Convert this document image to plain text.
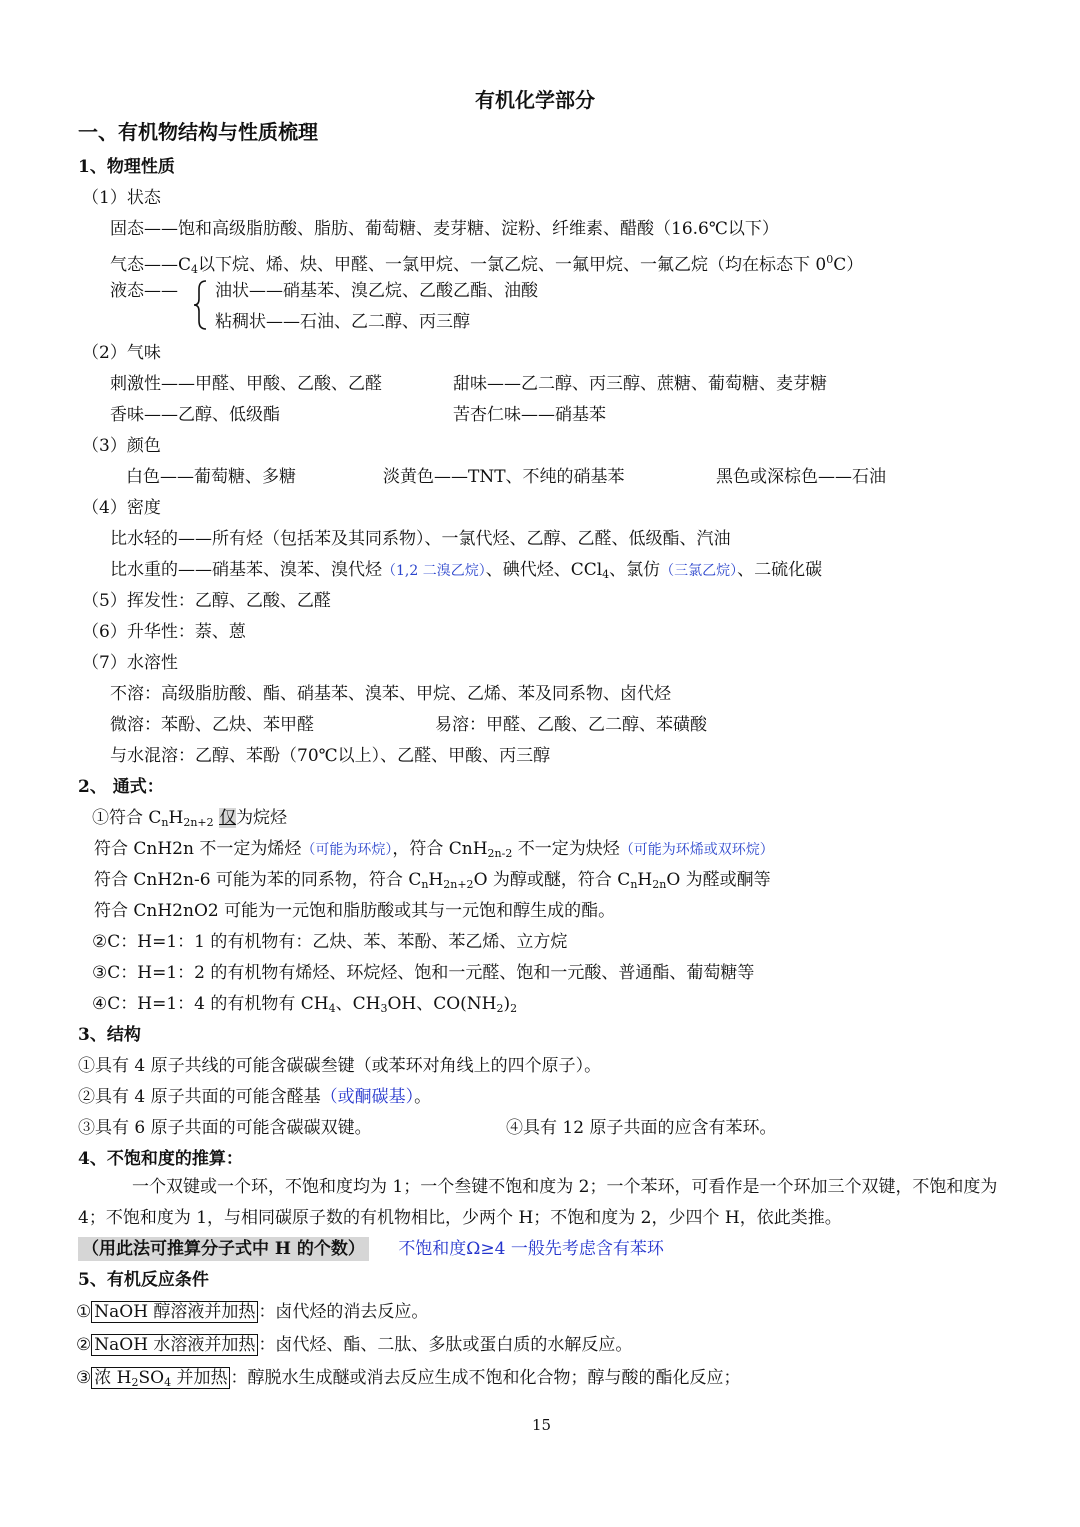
有机化学部分
一、有机物结构与性质梳理
1、物理性质
（1）状态
固态——饱和高级脂肪酸、脂肪、葡萄糖、麦芽糖、淀粉、纤维素、醋酸（16.6℃以下）
气态$——C_4$以下烷、烯、炔、甲醛、一氯甲烷、一氯乙烷、一氟甲烷、一氟乙烷（均在标态下 $0^0C$）
液态—— 油状——硝基苯、溴乙烷、乙酸乙酯、油酸
粘稠状——石油、乙二醇、丙三醇
（2）气味
刺激性——甲醛、甲酸、乙酸、乙醛	甜味——乙二醇、丙三醇、蔗糖、葡萄糖、麦芽糖
香味——乙醇、低级酯	苦杏仁味——硝基苯
（3）颜色
白色——葡萄糖、多糖	淡黄色——TNT、不纯的硝基苯	黑色或深棕色——石油
（4）密度
比水轻的——所有烃（包括苯及其同系物）、一氯代烃、乙醇、乙醛、低级酯、汽油
比水重的——硝基苯、溴苯、溴代烃（1,2 二溴乙烷）、碘代烃、CCl$_4$、氯仿（三氯乙烷）、二硫化碳
（5）挥发性：乙醇、乙酸、乙醛
（6）升华性：萘、蒽
（7）水溶性
不溶：高级脂肪酸、酯、硝基苯、溴苯、甲烷、乙烯、苯及同系物、卤代烃
微溶：苯酚、乙炔、苯甲醛	易溶：甲醛、乙酸、乙二醇、苯磺酸
与水混溶：乙醇、苯酚（70℃以上）、乙醛、甲酸、丙三醇
2、 通式：
①符合 $C_nH_{2n+2}$ 仅为烷烃
符合 CnH2n 不一定为烯烃（可能为环烷），符合 CnH$_{2n-2}$ 不一定为炔烃（可能为环烯或双环烷）
符合 CnH2n-6 可能为苯的同系物，符合 $C_nH_{2n+2}O$ 为醇或醚，符合 $C_nH_{2n}O$ 为醛或酮等
符合 CnH2nO2 可能为一元饱和脂肪酸或其与一元饱和醇生成的酯。
②C：H=1：1 的有机物有：乙炔、苯、苯酚、苯乙烯、立方烷
③C：H=1：2 的有机物有烯烃、环烷烃、饱和一元醛、饱和一元酸、普通酯、葡萄糖等
④C：H=1：4 的有机物有 $CH_4$、$CH_3OH$、$CO(NH_2)_2$
3、结构
①具有 4 原子共线的可能含碳碳叁键（或苯环对角线上的四个原子）。
②具有 4 原子共面的可能含醛基（或酮碳基）。
③具有 6 原子共面的可能含碳碳双键。	④具有 12 原子共面的应含有苯环。
4、不饱和度的推算：
一个双键或一个环，不饱和度均为 1；一个叁键不饱和度为 2；一个苯环，可看作是一个环加三个双键，不饱和度为 4；不饱和度为 1，与相同碳原子数的有机物相比，少两个 H；不饱和度为 2，少四个 H，依此类推。
（用此法可推算分子式中 H 的个数） 不饱和度Ω≥4 一般先考虑含有苯环
5、有机反应条件
① NaOH 醇溶液并加热 ：卤代烃的消去反应。
② NaOH 水溶液并加热 ：卤代烃、酯、二肽、多肽或蛋白质的水解反应。
③ 浓 $H_2SO_4$ 并加热 ：醇脱水生成醚或消去反应生成不饱和化合物；醇与酸的酯化反应；
15
